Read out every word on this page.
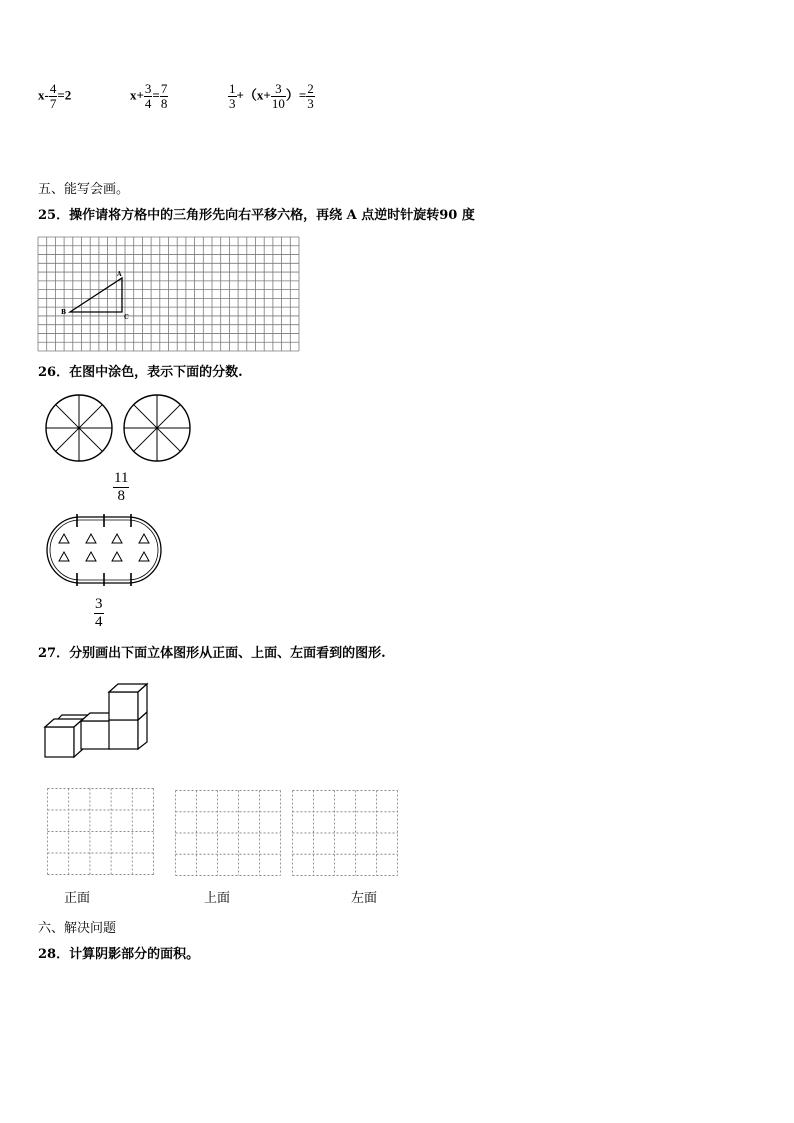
$x- \frac{4}{7} =2$	$x+ \frac{3}{4} = \frac{7}{8}$	$\frac{1}{3} +(x+ \frac{3}{10}$ ）= $\frac{2}{3}$
五、能写会画。
25．操作请将方格中的三角形先向右平移六格，再绕 A 点逆时针旋转90 度
A
B
C
26．在图中涂色，表示下面的分数.
$\frac{11}{8}$
$\frac{3}{4}$
27．分别画出下面立体图形从正面、上面、左面看到的图形.
正面	上面	左面
六、解决问题
28．计算阴影部分的面积。
